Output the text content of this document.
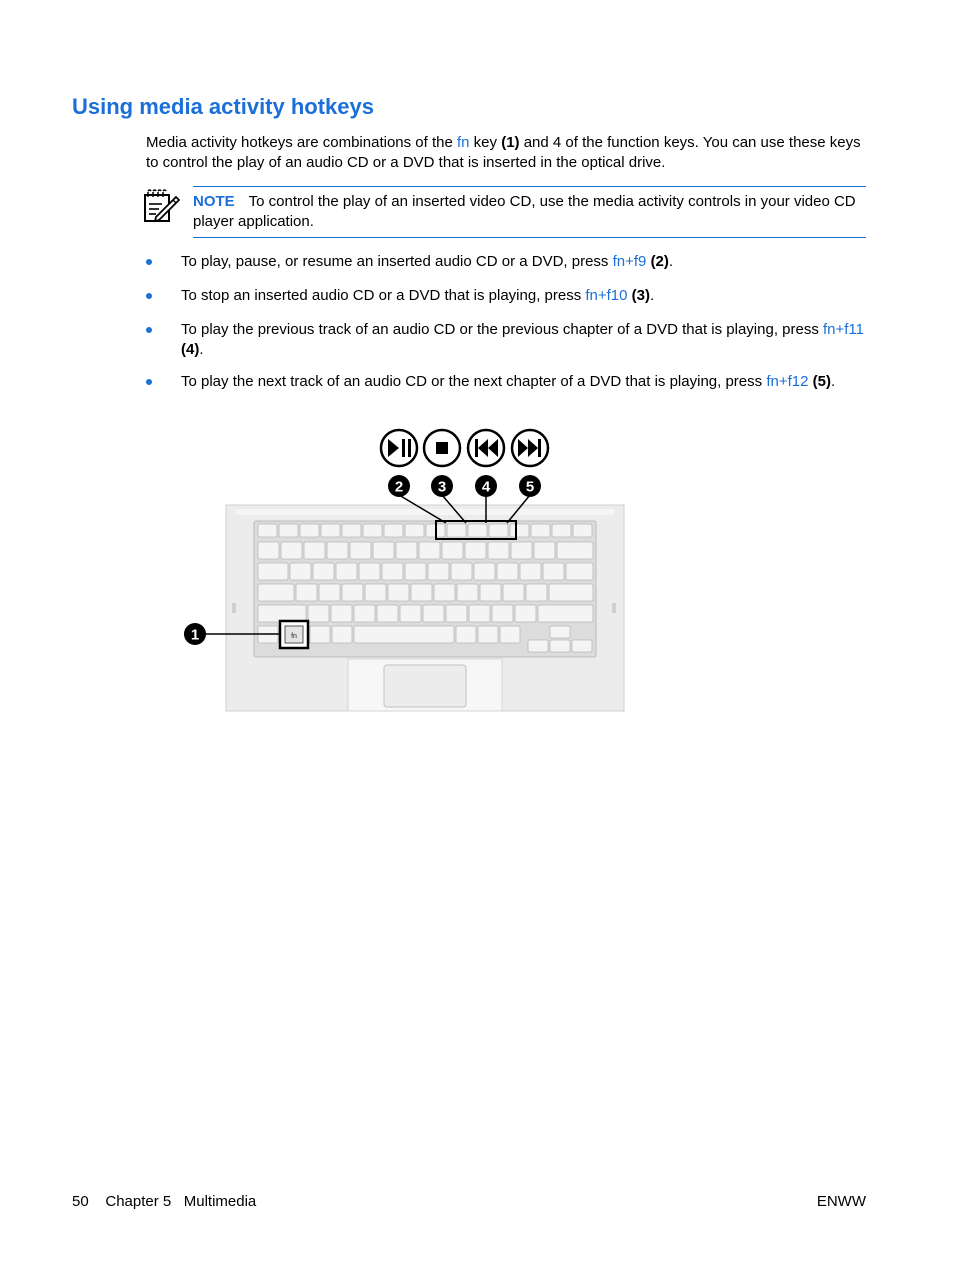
Using media activity hotkeys

Media activity hotkeys are combinations of the fn key (1) and 4 of the function keys. You can use these keys to control the play of an audio CD or a DVD that is inserted in the optical drive.

NOTE To control the play of an inserted video CD, use the media activity controls in your video CD player application.

To play, pause, or resume an inserted audio CD or a DVD, press fn+f9 (2).
To stop an inserted audio CD or a DVD that is playing, press fn+f10 (3).
To play the previous track of an audio CD or the previous chapter of a DVD that is playing, press fn+f11 (4).
To play the next track of an audio CD or the next chapter of a DVD that is playing, press fn+f12 (5).
2 3 4 5
fn
1
50 Chapter 5   Multimedia	ENWW
